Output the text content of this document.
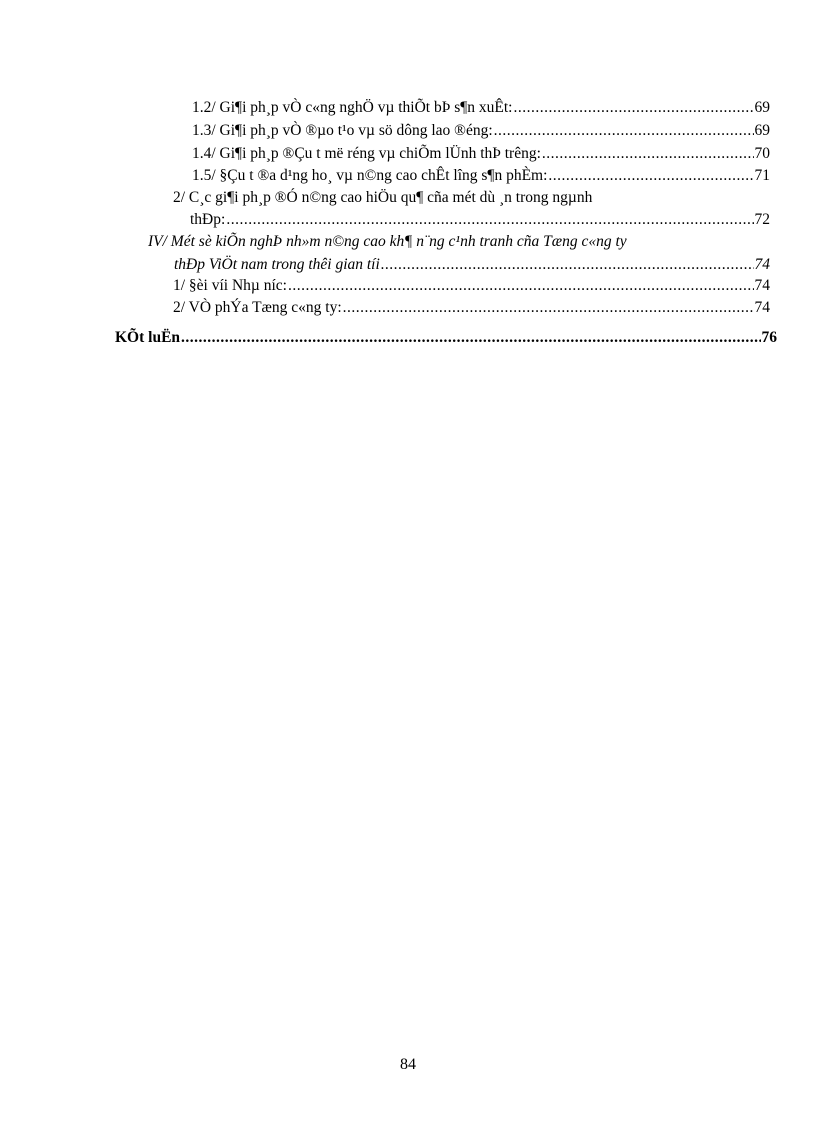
1.2/ Gi¶i ph¸p vÒ c«ng nghÖ vµ thiÕt bÞ s¶n xuÊt: .....	69
1.3/ Gi¶i ph¸p vÒ ®µo t¹o vµ sö dông lao ®éng: .....	69
1.4/ Gi¶i ph¸p ®Çu t më réng vµ chiÕm lÜnh thÞ trêng: .....	70
1.5/ §Çu t ®a d¹ng ho¸ vµ n©ng cao chÊt lîng s¶n phÈm: .....	71
2/ C¸c gi¶i ph¸p ®Ó n©ng cao hiÖu qu¶ cña mét dù ¸n trong ngµnh
thÐp: .....	72
IV/ Mét sè kiÕn nghÞ nh»m n©ng cao kh¶ n¨ng c¹nh tranh cña Tæng c«ng ty
thÐp ViÖt nam trong thêi gian tíi .....	74
1/ §èi víi Nhµ níc: .....	74
2/ VÒ phÝa Tæng c«ng ty: .....	74
KÕt luËn .....	76
84
